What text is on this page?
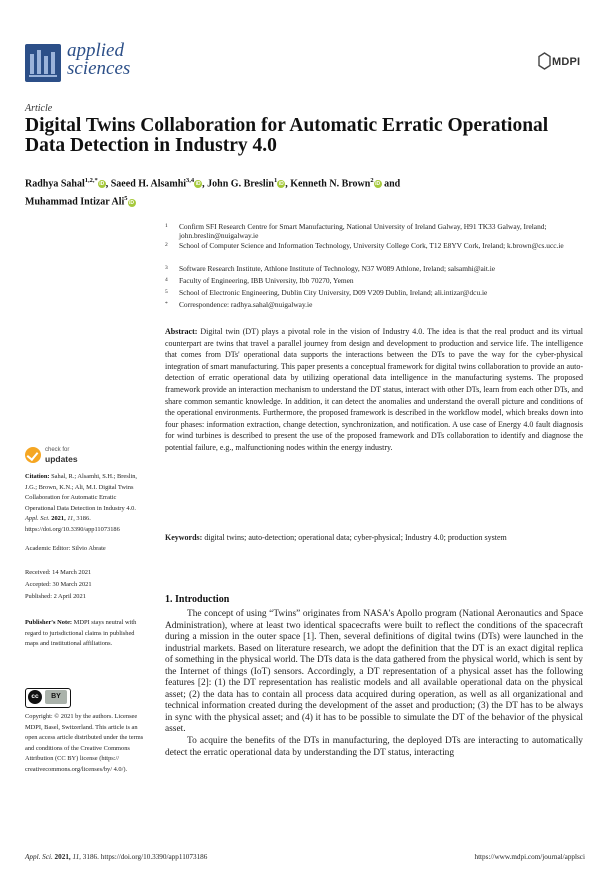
applied
sciences	MDPI
Article
Digital Twins Collaboration for Automatic Erratic Operational Data Detection in Industry 4.0
Radhya Sahal$^{1,2,*}$iD , Saeed H. Alsamhi$^{3,4}$iD , John G. Breslin$^1$iD , Kenneth N. Brown$^2$iD and
Muhammad Intizar Ali$^5$iD
1 Confirm SFI Research Centre for Smart Manufacturing, National University of Ireland Galway, H91 TK33 Galway, Ireland; john.breslin@nuigalway.ie
2 School of Computer Science and Information Technology, University College Cork, T12 E8YV Cork, Ireland; k.brown@cs.ucc.ie
3 Software Research Institute, Athlone Institute of Technology, N37 W089 Athlone, Ireland; salsamhi@ait.ie
4 Faculty of Engineering, IBB University, Ibb 70270, Yemen
5 School of Electronic Engineering, Dublin City University, D09 V209 Dublin, Ireland; ali.intizar@dcu.ie
* Correspondence: radhya.sahal@nuigalway.ie
Abstract: Digital twin (DT) plays a pivotal role in the vision of Industry 4.0. The idea is that the real product and its virtual counterpart are twins that travel a parallel journey from design and development to production and service life. The intelligence that comes from DTs' operational data supports the interactions between the DTs to pave the way for the cyber-physical integration of smart manufacturing. This paper presents a conceptual framework for digital twins collaboration to provide an auto-detection of erratic operational data by utilizing operational data intelligence in the manufacturing systems. The proposed framework provide an interaction mechanism to understand the DT status, interact with other DTs, learn from each other DTs, and share common semantic knowledge. In addition, it can detect the anomalies and understand the overall picture and conditions of the operational environments. Furthermore, the proposed framework is described in the workflow model, which breaks down into four phases: information extraction, change detection, synchronization, and notification. A use case of Energy 4.0 fault diagnosis for wind turbines is described to present the use of the proposed framework and DTs collaboration to identify and diagnose the potential failure, e.g., malfunctioning nodes within the energy industry.
Keywords: digital twins; auto-detection; operational data; cyber-physical; Industry 4.0; production system
check for
updates
Citation: Sahal, R.; Alsamhi, S.H.; Breslin, J.G.; Brown, K.N.; Ali, M.I. Digital Twins Collaboration for Automatic Erratic Operational Data Detection in Industry 4.0. Appl. Sci. 2021, 11, 3186. https://doi.org/10.3390/app11073186
Academic Editor: Silvio Abrate
Received: 14 March 2021
Accepted: 30 March 2021
Published: 2 April 2021
Publisher's Note: MDPI stays neutral with regard to jurisdictional claims in published maps and institutional affiliations.
cc	BY
Copyright: © 2021 by the authors. Licensee MDPI, Basel, Switzerland. This article is an open access article distributed under the terms and conditions of the Creative Commons Attribution (CC BY) license (https:// creativecommons.org/licenses/by/ 4.0/).
1. Introduction

The concept of using “Twins” originates from NASA's Apollo program (National Aeronautics and Space Administration), where at least two identical spacecrafts were built to reflect the conditions of the spacecraft during a mission in the outer space [1]. Then, several definitions of digital twins (DTs) were launched in the industrial markets. Based on literature research, we adopt the definition that the DT is an exact digital replica of something in the physical world. The DTs data is the data gathered from the physical world, which is sent by the Internet of things (IoT) sensors. Accordingly, a DT representation of a physical asset has the following features [2]: (1) the DT representation has realistic models and all available operational data on the physical asset; (2) the data has to contain all process data acquired during operation, as well as all organizational and technical information created during the development of the asset and production; (3) the DT has to be always in sync with the physical asset; and (4) it has to be possible to simulate the DT of the behavior of the physical asset.

To acquire the benefits of the DTs in manufacturing, the deployed DTs are interacting to automatically detect the erratic operational data by understanding the DT status, interacting

Appl. Sci. 2021, 11, 3186. https://doi.org/10.3390/app11073186	https://www.mdpi.com/journal/applsci
